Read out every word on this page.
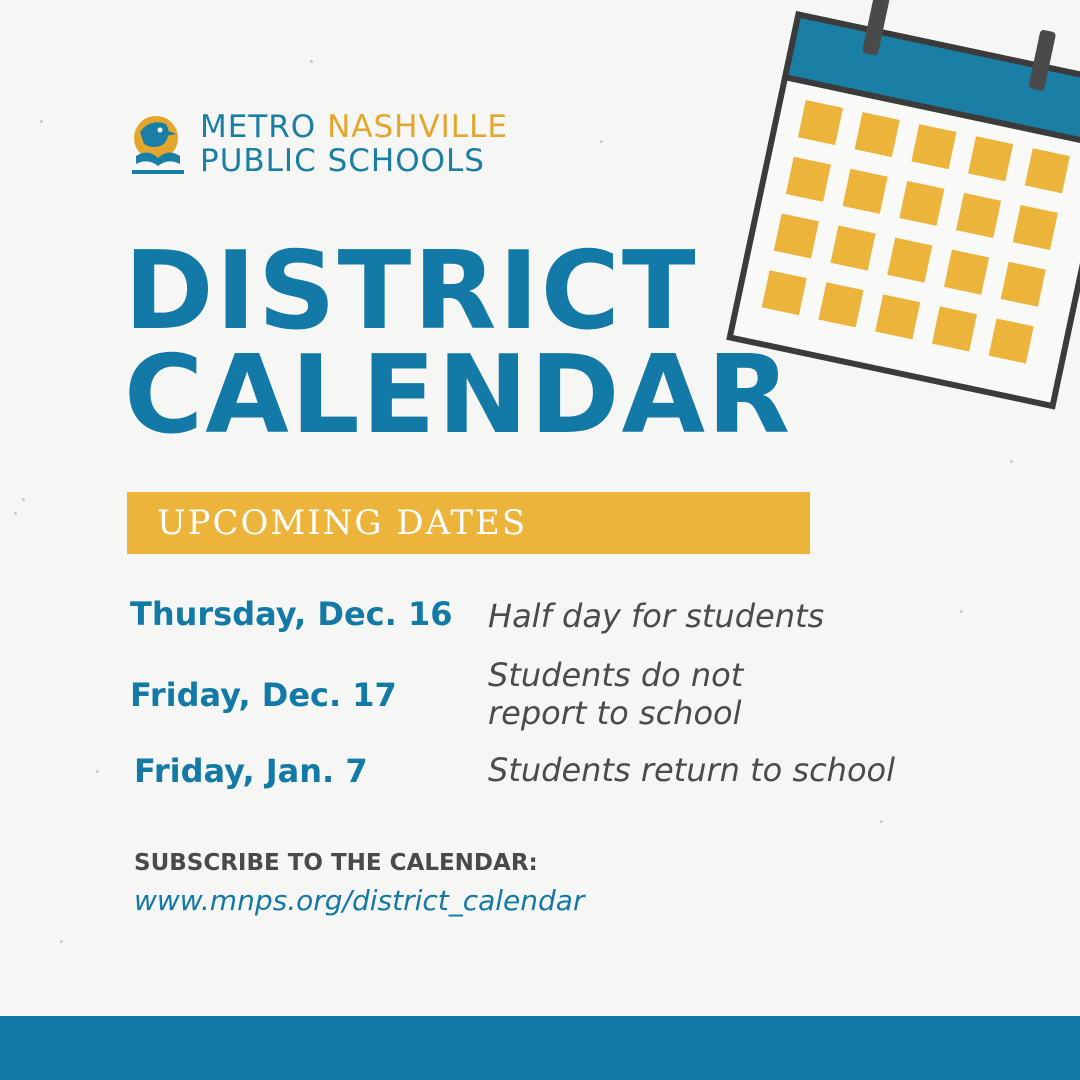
METRO NASHVILLE
PUBLIC SCHOOLS
DISTRICT
CALENDAR
UPCOMING DATES
Thursday, Dec. 16 Half day for students
Friday, Dec. 17
Students do not
report to school
Friday, Jan. 7	Students return to school
SUBSCRIBE TO THE CALENDAR:
www.mnps.org/district_calendar
